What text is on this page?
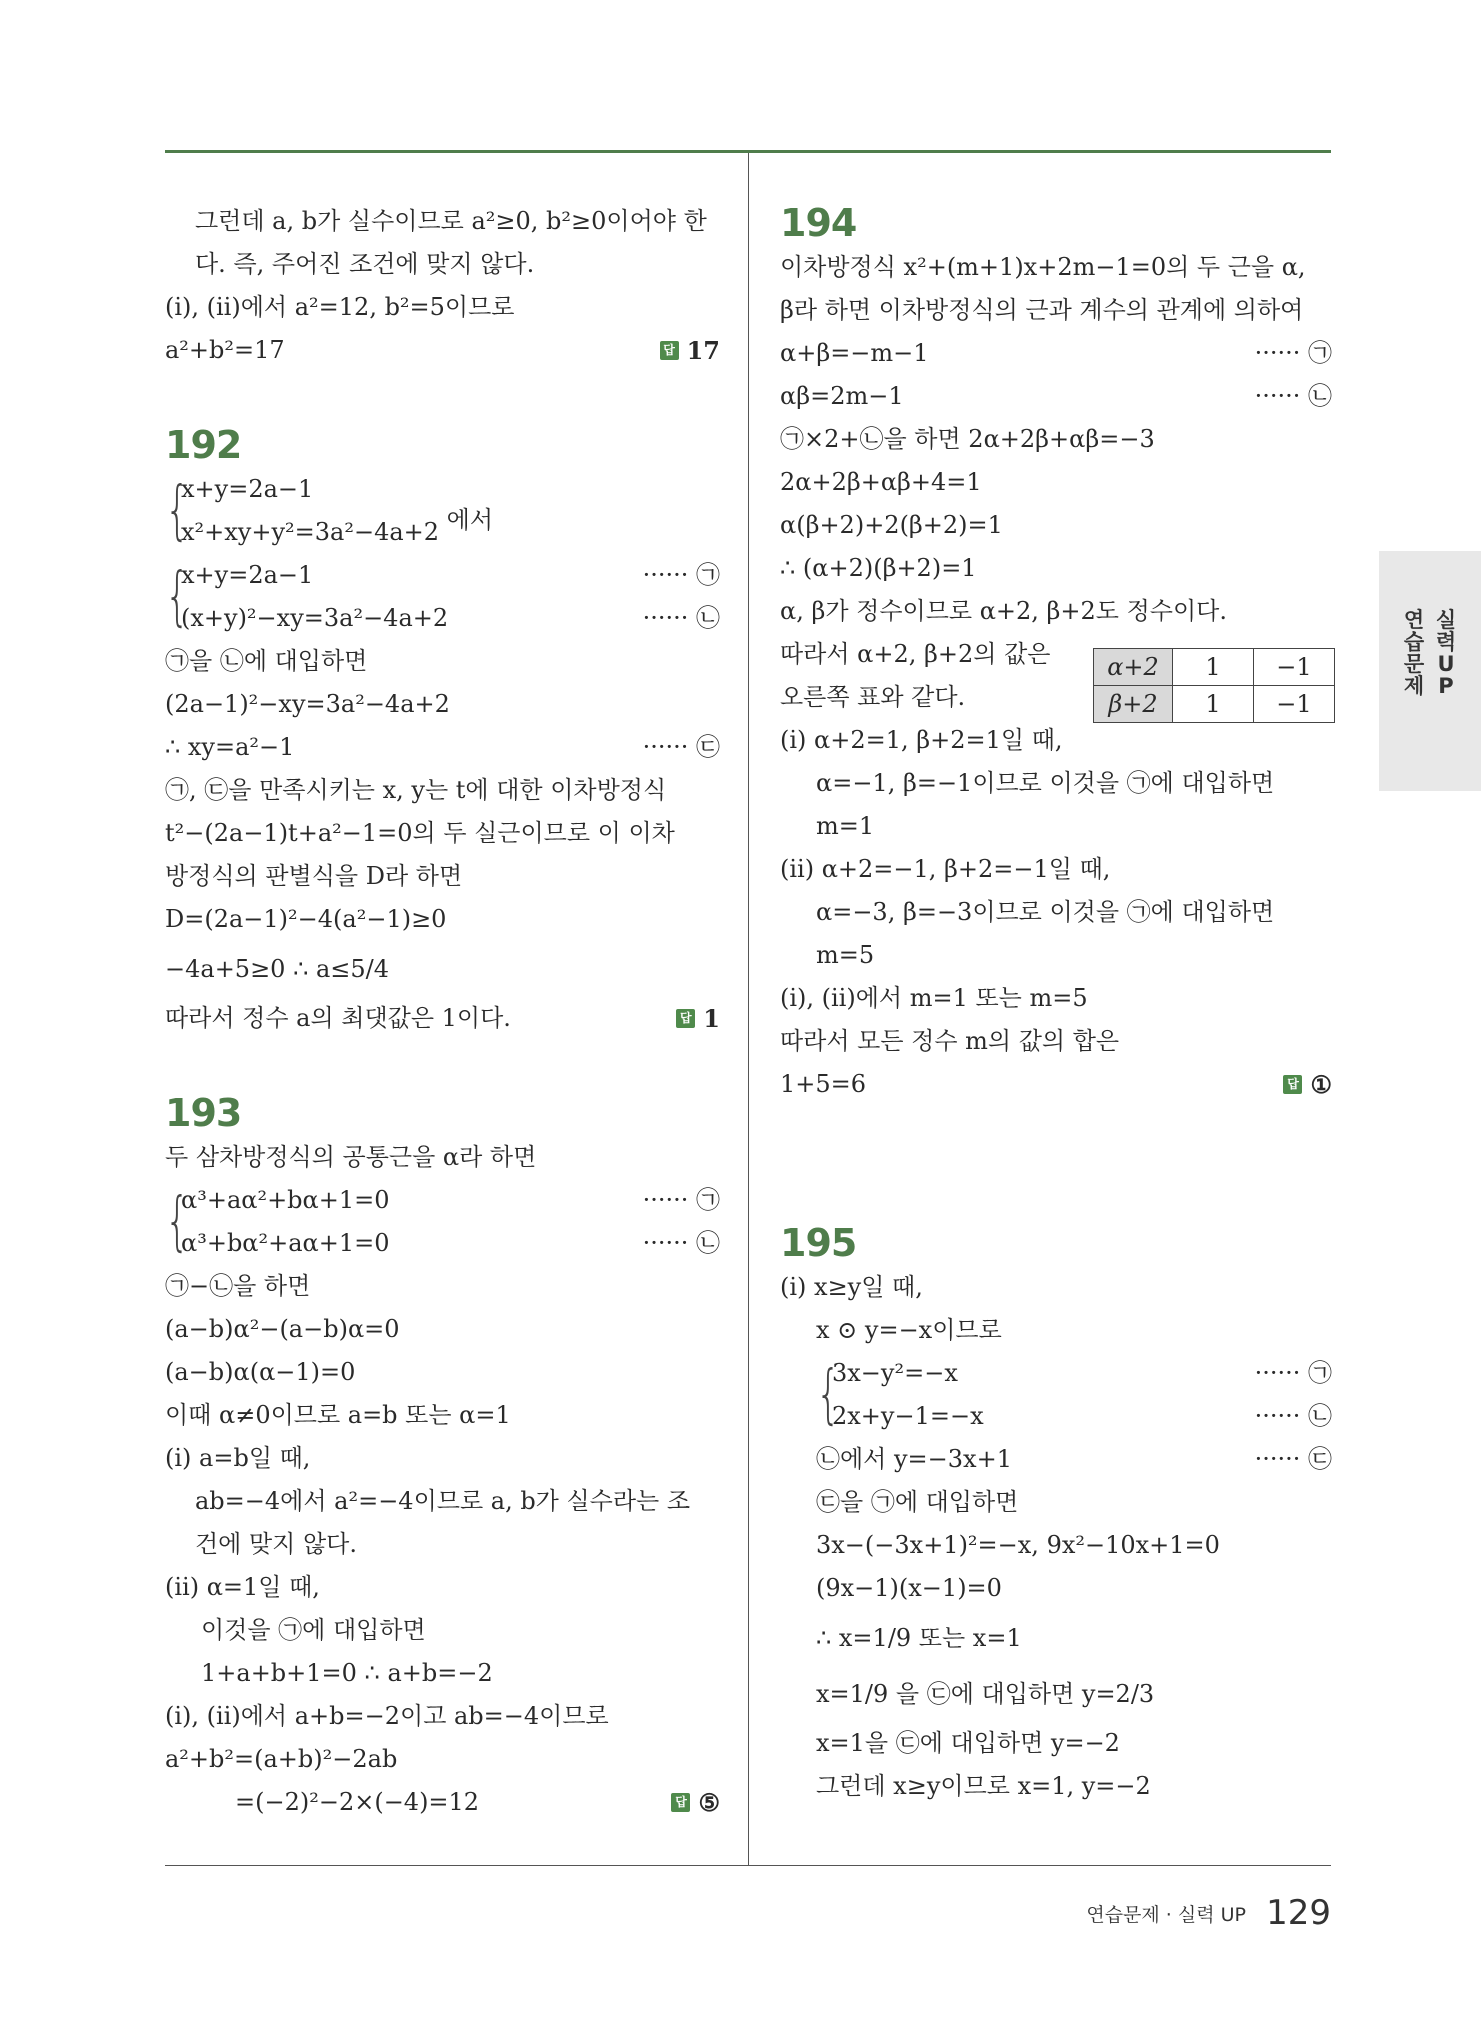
그런데 a, b가 실수이므로 a²≥0, b²≥0이어야 한
다. 즉, 주어진 조건에 맞지 않다.
(ⅰ), (ⅱ)에서 a²=12, b²=5이므로
a²+b²=17	답 17
192
{
x+y=2a−1
x²+xy+y²=3a²−4a+2 에서
{
x+y=2a−1	······ ㉠
(x+y)²−xy=3a²−4a+2	······ ㉡
㉠을 ㉡에 대입하면
(2a−1)²−xy=3a²−4a+2
∴ xy=a²−1	······ ㉢
㉠, ㉢을 만족시키는 x, y는 t에 대한 이차방정식
t²−(2a−1)t+a²−1=0의 두 실근이므로 이 이차
방정식의 판별식을 D라 하면
D=(2a−1)²−4(a²−1)≥0
−4a+5≥0 ∴ a≤5/4
따라서 정수 a의 최댓값은 1이다.	답 1
193
두 삼차방정식의 공통근을 α라 하면
{
α³+aα²+bα+1=0	······ ㉠
α³+bα²+aα+1=0	······ ㉡
㉠−㉡을 하면
(a−b)α²−(a−b)α=0
(a−b)α(α−1)=0
이때 α≠0이므로 a=b 또는 α=1
(ⅰ) a=b일 때,
ab=−4에서 a²=−4이므로 a, b가 실수라는 조
건에 맞지 않다.
(ⅱ) α=1일 때,
이것을 ㉠에 대입하면
1+a+b+1=0 ∴ a+b=−2
(ⅰ), (ⅱ)에서 a+b=−2이고 ab=−4이므로
a²+b²=(a+b)²−2ab
=(−2)²−2×(−4)=12	답 ⑤
194
이차방정식 x²+(m+1)x+2m−1=0의 두 근을 α,
β라 하면 이차방정식의 근과 계수의 관계에 의하여
α+β=−m−1	······ ㉠
αβ=2m−1	······ ㉡
㉠×2+㉡을 하면 2α+2β+αβ=−3
2α+2β+αβ+4=1
α(β+2)+2(β+2)=1
∴ (α+2)(β+2)=1
α, β가 정수이므로 α+2, β+2도 정수이다.
따라서 α+2, β+2의 값은
오른쪽 표와 같다.
(ⅰ) α+2=1, β+2=1일 때,
α=−1, β=−1이므로 이것을 ㉠에 대입하면
m=1
(ⅱ) α+2=−1, β+2=−1일 때,
α=−3, β=−3이므로 이것을 ㉠에 대입하면
m=5
(ⅰ), (ⅱ)에서 m=1 또는 m=5
따라서 모든 정수 m의 값의 합은
1+5=6	답 ①
195
(ⅰ) x≥y일 때,
x ⊙ y=−x이므로
{
3x−y²=−x	······ ㉠
2x+y−1=−x	······ ㉡
㉡에서 y=−3x+1	······ ㉢
㉢을 ㉠에 대입하면
3x−(−3x+1)²=−x, 9x²−10x+1=0
(9x−1)(x−1)=0
∴ x=1/9 또는 x=1
x=1/9 을 ㉢에 대입하면 y=2/3
x=1을 ㉢에 대입하면 y=−2
그런데 x≥y이므로 x=1, y=−2
α+2	1	−1
β+2	1	−1
연습문제
실력UP
연습문제 · 실력 UP 129
